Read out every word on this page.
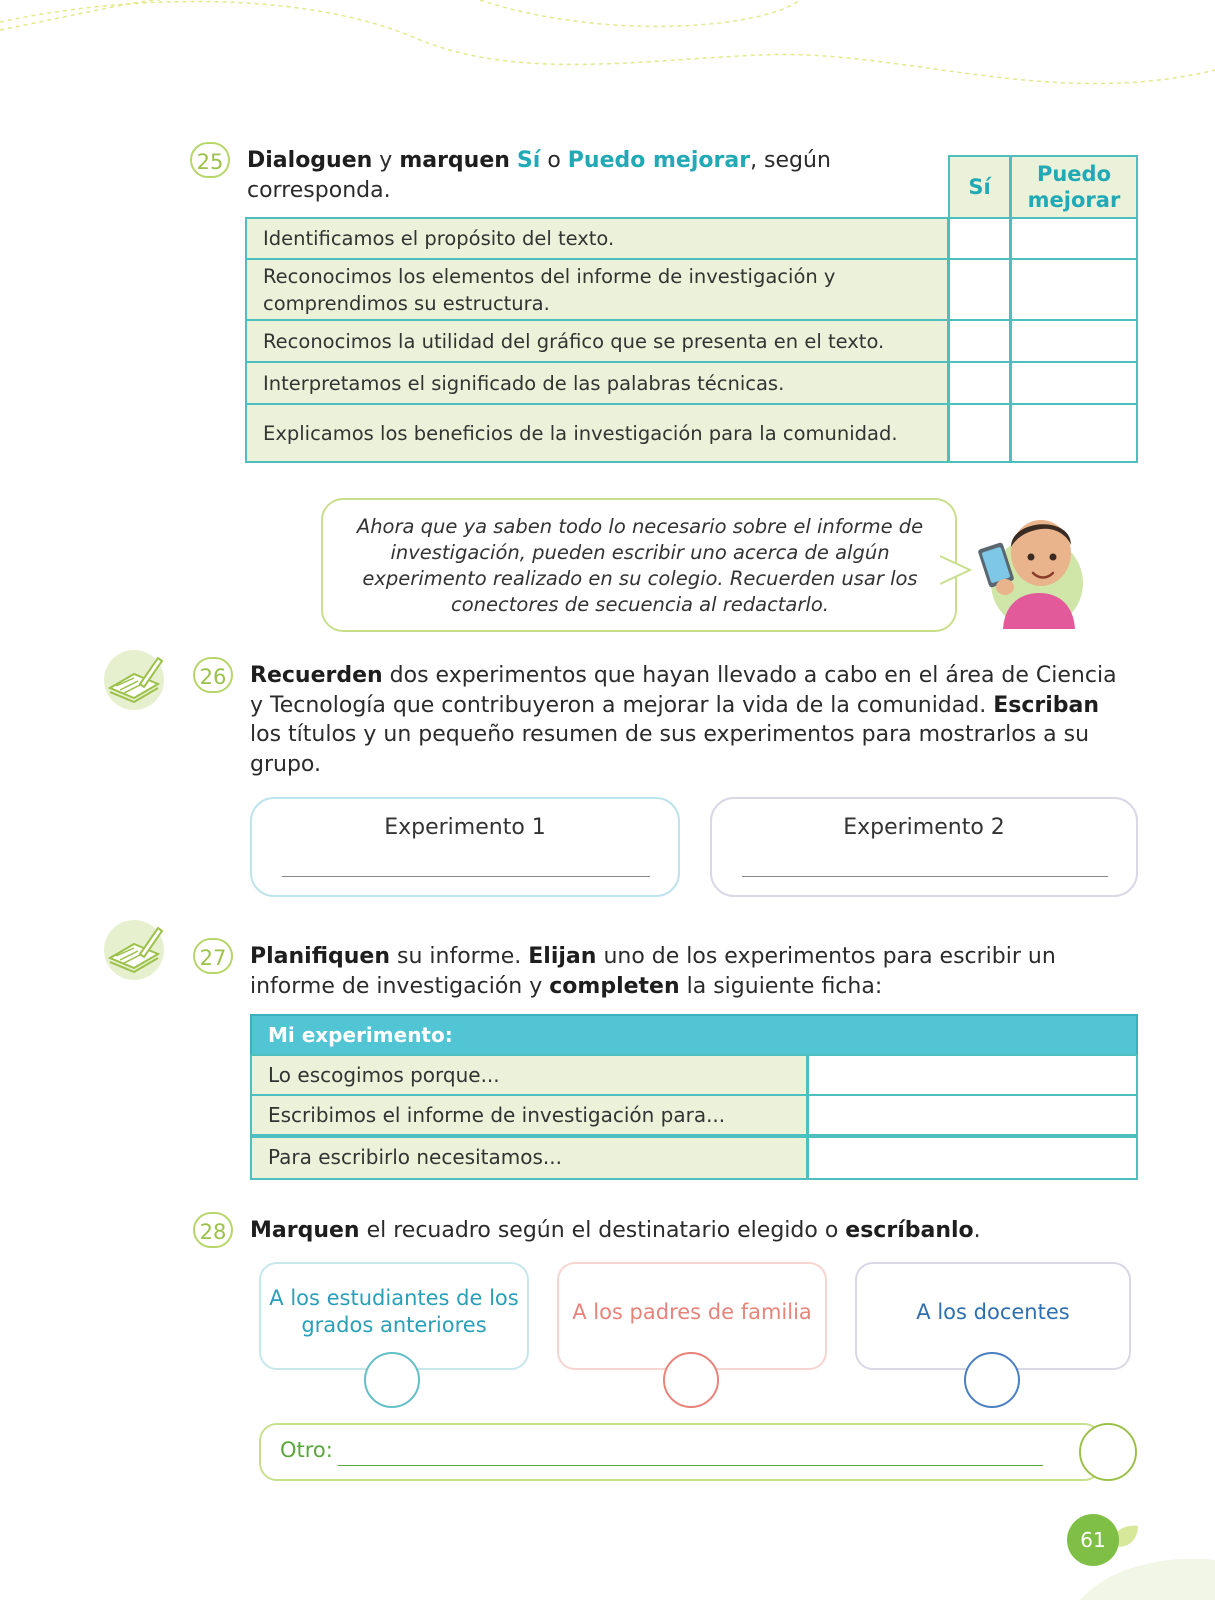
25	Dialoguen y marquen Sí o Puedo mejorar, según
corresponda.	Sí
Puedo mejorar
Identificamos el propósito del texto.
Reconocimos los elementos del informe de investigación y comprendimos su estructura.
Reconocimos la utilidad del gráfico que se presenta en el texto.
Interpretamos el significado de las palabras técnicas.
Explicamos los beneficios de la investigación para la comunidad.
Ahora que ya saben todo lo necesario sobre el informe de investigación, pueden escribir uno acerca de algún experimento realizado en su colegio. Recuerden usar los conectores de secuencia al redactarlo.
26	Recuerden dos experimentos que hayan llevado a cabo en el área de Ciencia y Tecnología que contribuyeron a mejorar la vida de la comunidad. Escriban los títulos y un pequeño resumen de sus experimentos para mostrarlos a su grupo.
Experimento 1	Experimento 2
27	Planifiquen su informe. Elijan uno de los experimentos para escribir un informe de investigación y completen la siguiente ficha:
Mi experimento:
Lo escogimos porque...
Escribimos el informe de investigación para...
Para escribirlo necesitamos...
28	Marquen el recuadro según el destinatario elegido o escríbanlo.
A los estudiantes de los grados anteriores
A los padres de familia	A los docentes
Otro:
61
